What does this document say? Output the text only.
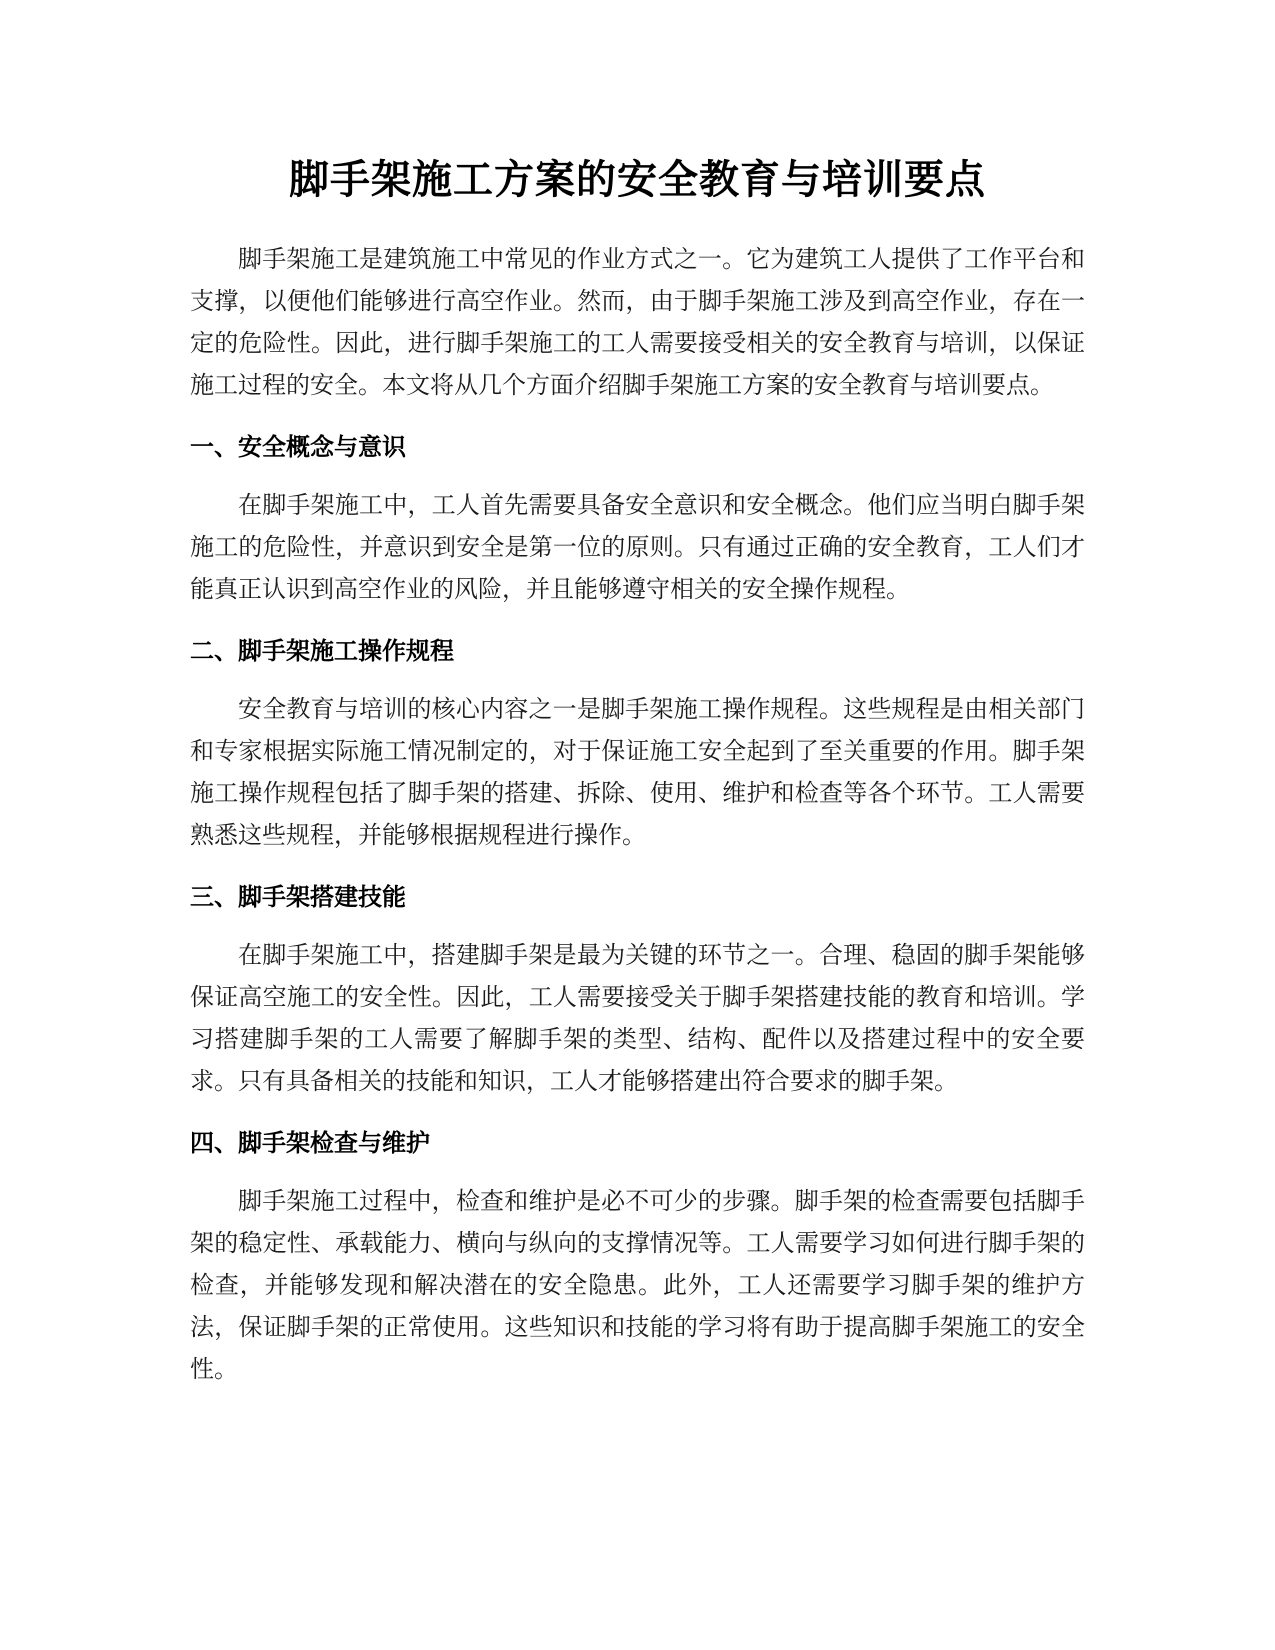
脚手架施工方案的安全教育与培训要点

脚手架施工是建筑施工中常见的作业方式之一。它为建筑工人提供了工作平台和支撑，以便他们能够进行高空作业。然而，由于脚手架施工涉及到高空作业，存在一定的危险性。因此，进行脚手架施工的工人需要接受相关的安全教育与培训，以保证施工过程的安全。本文将从几个方面介绍脚手架施工方案的安全教育与培训要点。

一、安全概念与意识

在脚手架施工中，工人首先需要具备安全意识和安全概念。他们应当明白脚手架施工的危险性，并意识到安全是第一位的原则。只有通过正确的安全教育，工人们才能真正认识到高空作业的风险，并且能够遵守相关的安全操作规程。

二、脚手架施工操作规程

安全教育与培训的核心内容之一是脚手架施工操作规程。这些规程是由相关部门和专家根据实际施工情况制定的，对于保证施工安全起到了至关重要的作用。脚手架施工操作规程包括了脚手架的搭建、拆除、使用、维护和检查等各个环节。工人需要熟悉这些规程，并能够根据规程进行操作。

三、脚手架搭建技能

在脚手架施工中，搭建脚手架是最为关键的环节之一。合理、稳固的脚手架能够保证高空施工的安全性。因此，工人需要接受关于脚手架搭建技能的教育和培训。学习搭建脚手架的工人需要了解脚手架的类型、结构、配件以及搭建过程中的安全要求。只有具备相关的技能和知识，工人才能够搭建出符合要求的脚手架。

四、脚手架检查与维护

脚手架施工过程中，检查和维护是必不可少的步骤。脚手架的检查需要包括脚手架的稳定性、承载能力、横向与纵向的支撑情况等。工人需要学习如何进行脚手架的检查，并能够发现和解决潜在的安全隐患。此外，工人还需要学习脚手架的维护方法，保证脚手架的正常使用。这些知识和技能的学习将有助于提高脚手架施工的安全性。
